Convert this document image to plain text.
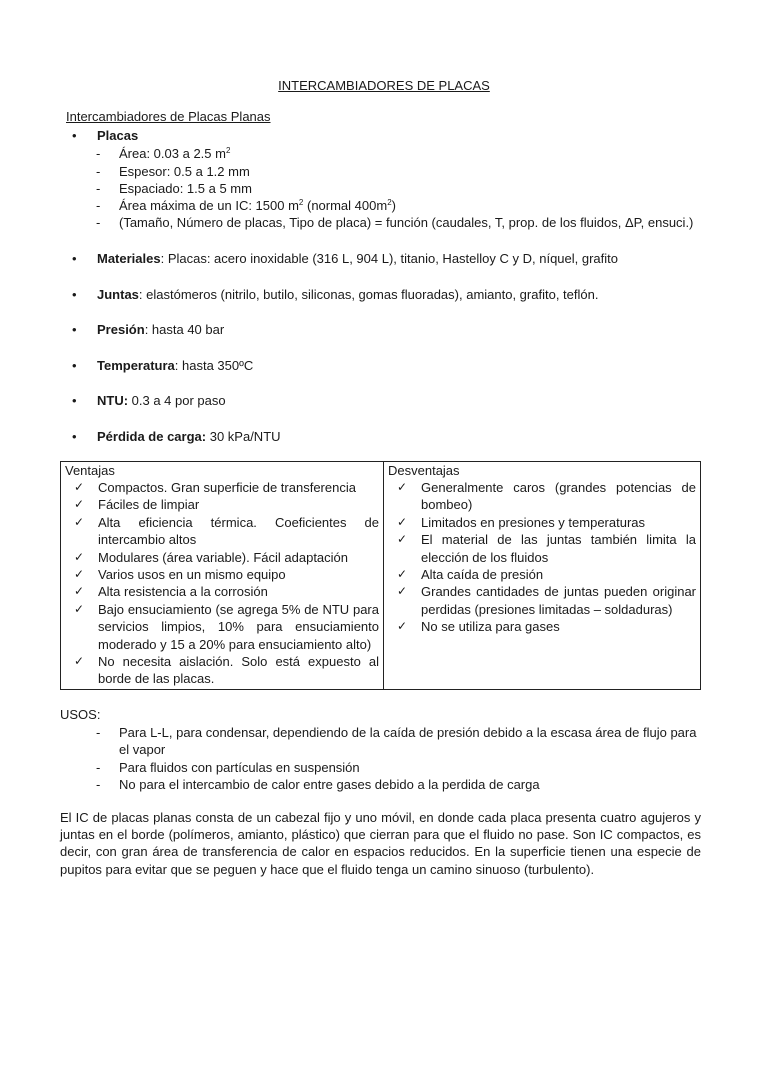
INTERCAMBIADORES DE PLACAS
Intercambiadores de Placas Planas
•	Placas
-	Área: 0.03 a 2.5 $m^2$
-	Espesor: 0.5 a 1.2 mm
-	Espaciado: 1.5 a 5 mm
-	Área máxima de un IC: 1500 $m^2$ (normal $400m^2$)
-	(Tamaño, Número de placas, Tipo de placa) = función (caudales, T, prop. de los fluidos, ΔP, ensuci.)
•	Materiales: Placas: acero inoxidable (316 L, 904 L), titanio, Hastelloy C y D, níquel, grafito
•	Juntas: elastómeros (nitrilo, butilo, siliconas, gomas fluoradas), amianto, grafito, teflón.
•	Presión: hasta 40 bar
•	Temperatura: hasta 350ºC
•	NTU: 0.3 a 4 por paso
•	Pérdida de carga: 30 kPa/NTU
Ventajas
✓ Compactos. Gran superficie de transferencia
✓ Fáciles de limpiar
✓ Alta eficiencia térmica. Coeficientes de intercambio altos
✓ Modulares (área variable). Fácil adaptación
✓ Varios usos en un mismo equipo
✓ Alta resistencia a la corrosión
✓ Bajo ensuciamiento (se agrega 5% de NTU para servicios limpios, 10% para ensuciamiento moderado y 15 a 20% para ensuciamiento alto)
✓ No necesita aislación. Solo está expuesto al borde de las placas.

Desventajas
✓ Generalmente caros (grandes potencias de bombeo)
✓ Limitados en presiones y temperaturas
✓ El material de las juntas también limita la elección de los fluidos
✓ Alta caída de presión
✓ Grandes cantidades de juntas pueden originar perdidas (presiones limitadas – soldaduras)
✓ No se utiliza para gases
USOS:
- Para L-L, para condensar, dependiendo de la caída de presión debido a la escasa área de flujo para el vapor
- Para fluidos con partículas en suspensión
- No para el intercambio de calor entre gases debido a la perdida de carga
El IC de placas planas consta de un cabezal fijo y uno móvil, en donde cada placa presenta cuatro agujeros y juntas en el borde (polímeros, amianto, plástico) que cierran para que el fluido no pase. Son IC compactos, es decir, con gran área de transferencia de calor en espacios reducidos. En la superficie tienen una especie de pupitos para evitar que se peguen y hace que el fluido tenga un camino sinuoso (turbulento).
